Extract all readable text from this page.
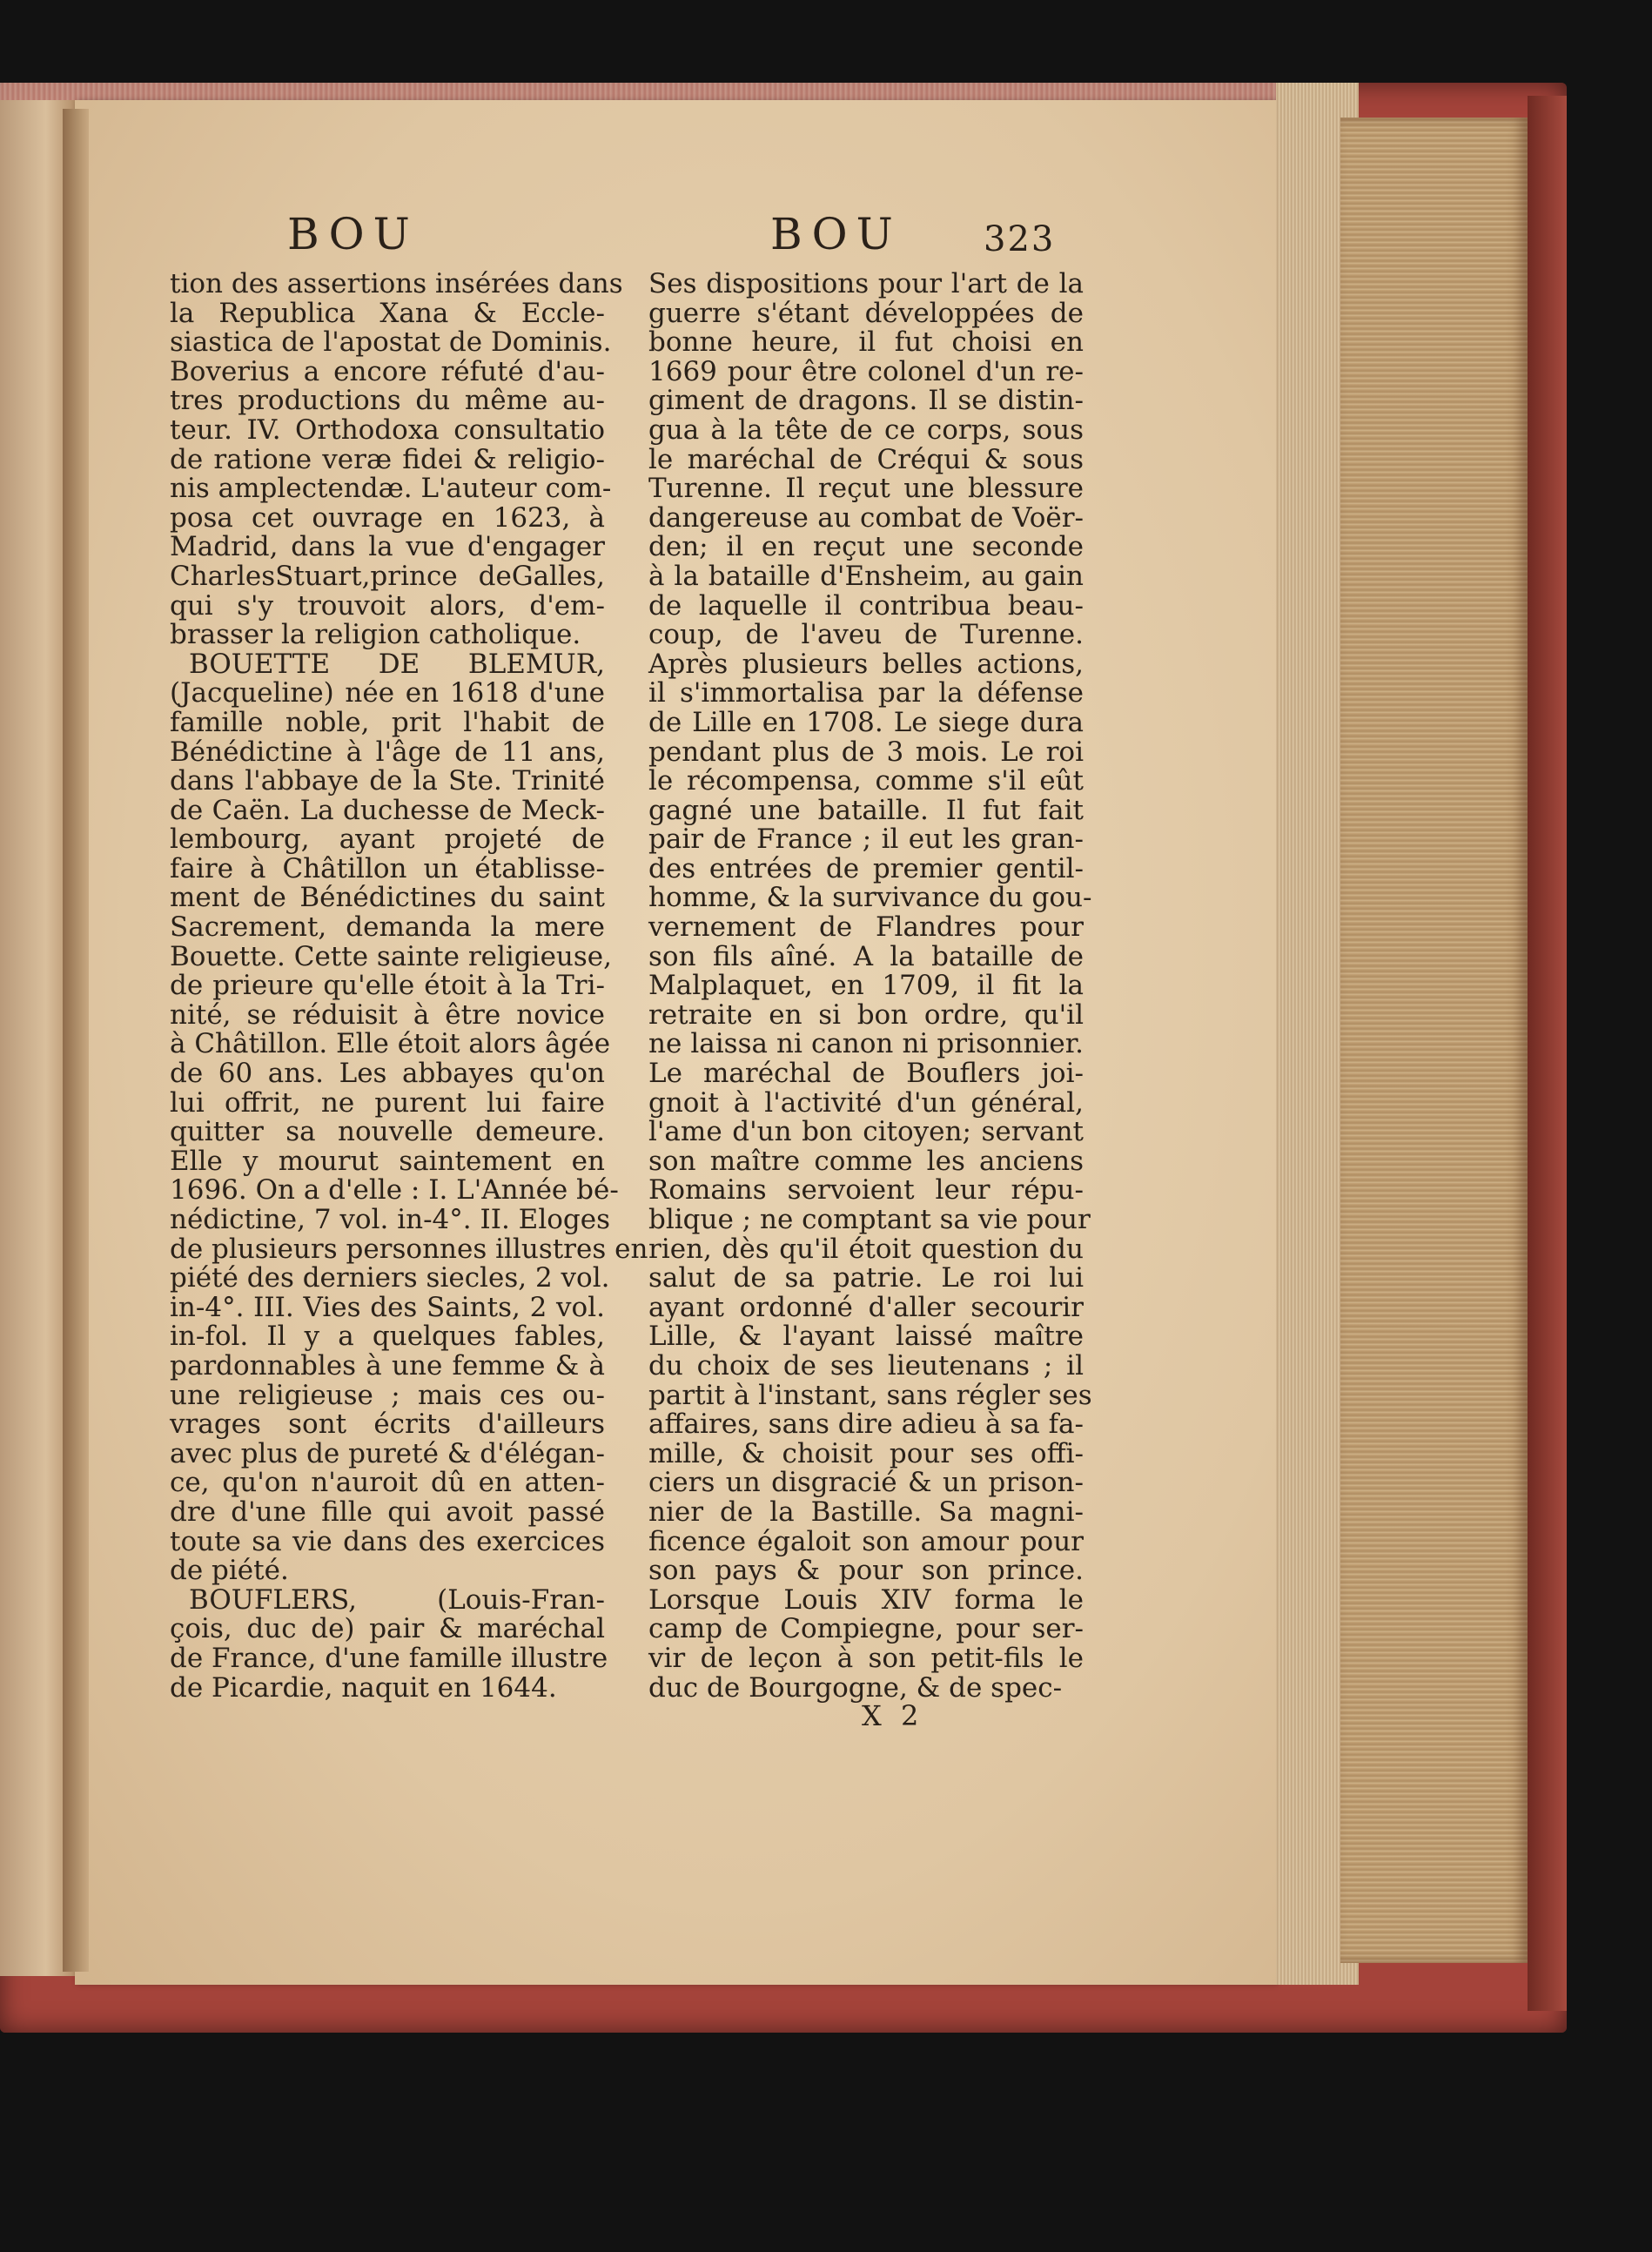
BOU	BOU 323
tion des assertions insérées dans
la Republica Xana & Eccle-
siastica de l'apostat de Dominis.
Boverius a encore réfuté d'au-
tres productions du même au-
teur. IV. Orthodoxa consultatio
de ratione veræ fidei & religio-
nis amplectendæ. L'auteur com-
posa cet ouvrage en 1623, à
Madrid, dans la vue d'engager
CharlesStuart,prince deGalles,
qui s'y trouvoit alors, d'em-
brasser la religion catholique.
BOUETTE DE BLEMUR,
(Jacqueline) née en 1618 d'une
famille noble, prit l'habit de
Bénédictine à l'âge de 11 ans,
dans l'abbaye de la Ste. Trinité
de Caën. La duchesse de Meck-
lembourg, ayant projeté de
faire à Châtillon un établisse-
ment de Bénédictines du saint
Sacrement, demanda la mere
Bouette. Cette sainte religieuse,
de prieure qu'elle étoit à la Tri-
nité, se réduisit à être novice
à Châtillon. Elle étoit alors âgée
de 60 ans. Les abbayes qu'on
lui offrit, ne purent lui faire
quitter sa nouvelle demeure.
Elle y mourut saintement en
1696. On a d'elle : I. L'Année bé-
nédictine, 7 vol. in-4°. II. Eloges
de plusieurs personnes illustres en
piété des derniers siecles, 2 vol.
in-4°. III. Vies des Saints, 2 vol.
in-fol. Il y a quelques fables,
pardonnables à une femme & à
une religieuse ; mais ces ou-
vrages sont écrits d'ailleurs
avec plus de pureté & d'élégan-
ce, qu'on n'auroit dû en atten-
dre d'une fille qui avoit passé
toute sa vie dans des exercices
de piété.
BOUFLERS, (Louis-Fran-
çois, duc de) pair & maréchal
de France, d'une famille illustre
de Picardie, naquit en 1644.
Ses dispositions pour l'art de la
guerre s'étant développées de
bonne heure, il fut choisi en
1669 pour être colonel d'un re-
giment de dragons. Il se distin-
gua à la tête de ce corps, sous
le maréchal de Créqui & sous
Turenne. Il reçut une blessure
dangereuse au combat de Voër-
den; il en reçut une seconde
à la bataille d'Ensheim, au gain
de laquelle il contribua beau-
coup, de l'aveu de Turenne.
Après plusieurs belles actions,
il s'immortalisa par la défense
de Lille en 1708. Le siege dura
pendant plus de 3 mois. Le roi
le récompensa, comme s'il eût
gagné une bataille. Il fut fait
pair de France ; il eut les gran-
des entrées de premier gentil-
homme, & la survivance du gou-
vernement de Flandres pour
son fils aîné. A la bataille de
Malplaquet, en 1709, il fit la
retraite en si bon ordre, qu'il
ne laissa ni canon ni prisonnier.
Le maréchal de Bouflers joi-
gnoit à l'activité d'un général,
l'ame d'un bon citoyen; servant
son maître comme les anciens
Romains servoient leur répu-
blique ; ne comptant sa vie pour
rien, dès qu'il étoit question du
salut de sa patrie. Le roi lui
ayant ordonné d'aller secourir
Lille, & l'ayant laissé maître
du choix de ses lieutenans ; il
partit à l'instant, sans régler ses
affaires, sans dire adieu à sa fa-
mille, & choisit pour ses offi-
ciers un disgracié & un prison-
nier de la Bastille. Sa magni-
ficence égaloit son amour pour
son pays & pour son prince.
Lorsque Louis XIV forma le
camp de Compiegne, pour ser-
vir de leçon à son petit-fils le
duc de Bourgogne, & de spec-
X 2
